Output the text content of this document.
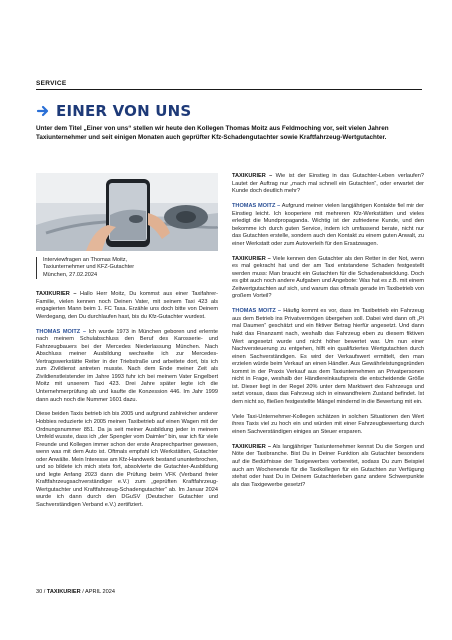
SERVICE
EINER VON UNS
Unter dem Titel „Einer von uns“ stellen wir heute den Kollegen Thomas Moitz aus Feldmoching vor, seit vielen Jahren Taxiunternehmer und seit einigen Monaten auch geprüfter Kfz-Schadengutachter sowie Kraftfahrzeug-Wertgutachter.
Interviewfragen an Thomas Moitz,
Taxiunternehmer und KFZ-Gutachter
München, 27.02.2024

TAXIKURIER – Hallo Herr Moitz, Du kommst aus einer Taxifahrer-Familie, vielen kennen noch Deinen Vater, mit seinem Taxi 423 als engagierten Mann beim 1. FC Taxa. Erzähle uns doch bitte von Deinem Werdegang, den Du durchlaufen hast, bis du Kfz-Gutachter wurdest.

THOMAS MOITZ – Ich wurde 1973 in München geboren und erlernte nach meinem Schulabschluss den Beruf des Karosserie- und Fahrzeugbauers bei der Mercedes Niederlassung München. Nach Abschluss meiner Ausbildung wechselte ich zur Mercedes-Vertragswerkstätte Reiter in der Triebstraße und arbeitete dort, bis ich zum Zivildienst antreten musste. Nach dem Ende meiner Zeit als Zivildienstleistender im Jahre 1993 fuhr ich bei meinem Vater Engelbert Moitz mit unserem Taxi 423. Drei Jahre später legte ich die Unternehmerprüfung ab und kaufte die Konzession 446. Im Jahr 1999 dann auch noch die Nummer 1601 dazu.

Diese beiden Taxis betrieb ich bis 2005 und aufgrund zahlreicher anderer Hobbies reduzierte ich 2005 meinen Taxibetrieb auf einen Wagen mit der Ordnungsnummer 851. Da ja seit meiner Ausbildung jeder in meinem Umfeld wusste, dass ich „der Spengler vom Daimler“ bin, war ich für viele Freunde und Kollegen immer schon der erste Ansprechpartner gewesen, wenn was mit dem Auto ist. Oftmals empfahl ich Werkstätten, Gutachter oder Anwälte. Mein Interesse am Kfz-Handwerk bestand ununterbrochen, und so bildete ich mich stets fort, absolvierte die Gutachter-Ausbildung und legte Anfang 2023 dann die Prüfung beim VFK (Verband freier Kraftfahrzeugsachverständiger e.V.) zum „geprüften Kraftfahrzeug-Wertgutachter und Kraftfahrzeug-Schadengutachter“ ab. Im Januar 2024 wurde ich dann durch den DGuSV (Deutscher Gutachter und Sachverständigen Verband e.V.) zertifiziert.

TAXIKURIER – Wie ist der Einstieg in das Gutachter-Leben verlaufen? Lautet der Auftrag nur „mach mal schnell ein Gutachten“, oder erwartet der Kunde doch deutlich mehr?

THOMAS MOITZ – Aufgrund meiner vielen langjährigen Kontakte fiel mir der Einstieg leicht. Ich kooperiere mit mehreren Kfz-Werkstätten und vieles erledigt die Mundpropaganda. Wichtig ist der zufriedene Kunde, und den bekomme ich durch guten Service, indem ich umfassend berate, nicht nur das Gutachten erstelle, sondern auch den Kontakt zu einem guten Anwalt, zu einer Werkstatt oder zum Autoverleih für den Ersatzwagen.

TAXIKURIER – Viele kennen den Gutachter als den Retter in der Not, wenn es mal gekracht hat und der am Taxi entstandene Schaden festgestellt werden muss: Man braucht ein Gutachten für die Schadenabwicklung. Doch es gibt auch noch andere Aufgaben und Angebote: Was hat es z.B. mit einem Zeitwertgutachten auf sich, und warum das oftmals gerade im Taxibetrieb von großem Vorteil?

THOMAS MOITZ – Häufig kommt es vor, dass im Taxibetrieb ein Fahrzeug aus dem Betrieb ins Privatvermögen übergehen soll. Dabei wird dann oft „Pi mal Daumen“ geschätzt und ein fiktiver Betrag hierfür angesetzt. Und dann hakt das Finanzamt nach, weshalb das Fahrzeug eben zu diesem fiktiven Wert angesetzt wurde und nicht höher bewertet war. Um nun einer Nachversteuerung zu entgehen, hilft ein qualifiziertes Wertgutachten durch einen Sachverständigen. Es wird der Verkaufswert ermittelt, den man erzielen würde beim Verkauf an einen Händler. Aus Gewährleistungsgründen kommt in der Praxis Verkauf aus dem Taxiunternehmen an Privatpersonen nicht in Frage, weshalb der Händlereinkaufspreis die entscheidende Größe ist. Dieser liegt in der Regel 20% unter dem Marktwert des Fahrzeugs und setzt voraus, dass das Fahrzeug sich in einwandfreiem Zustand befindet. Ist dem nicht so, fließen festgestellte Mängel mindernd in die Bewertung mit ein.

Viele Taxi-Unternehmer-Kollegen schätzen in solchen Situationen den Wert ihres Taxis viel zu hoch ein und würden mit einer Fahrzeugbewertung durch einen Sachverständigen einiges an Steuer ersparen.

TAXIKURIER – Als langjähriger Taxiunternehmer kennst Du die Sorgen und Nöte der Taxibranche. Bist Du in Deiner Funktion als Gutachter besonders auf die Bedürfnisse der Taxigewerbes vorbereitet, sodass Du zum Beispiel auch am Wochenende für die Taxikollegen für ein Gutachten zur Verfügung stehst oder hast Du in Deinem Gutachterleben ganz andere Schwerpunkte als das Taxigewerbe gesetzt?

30 / TAXIKURIER / APRIL 2024
